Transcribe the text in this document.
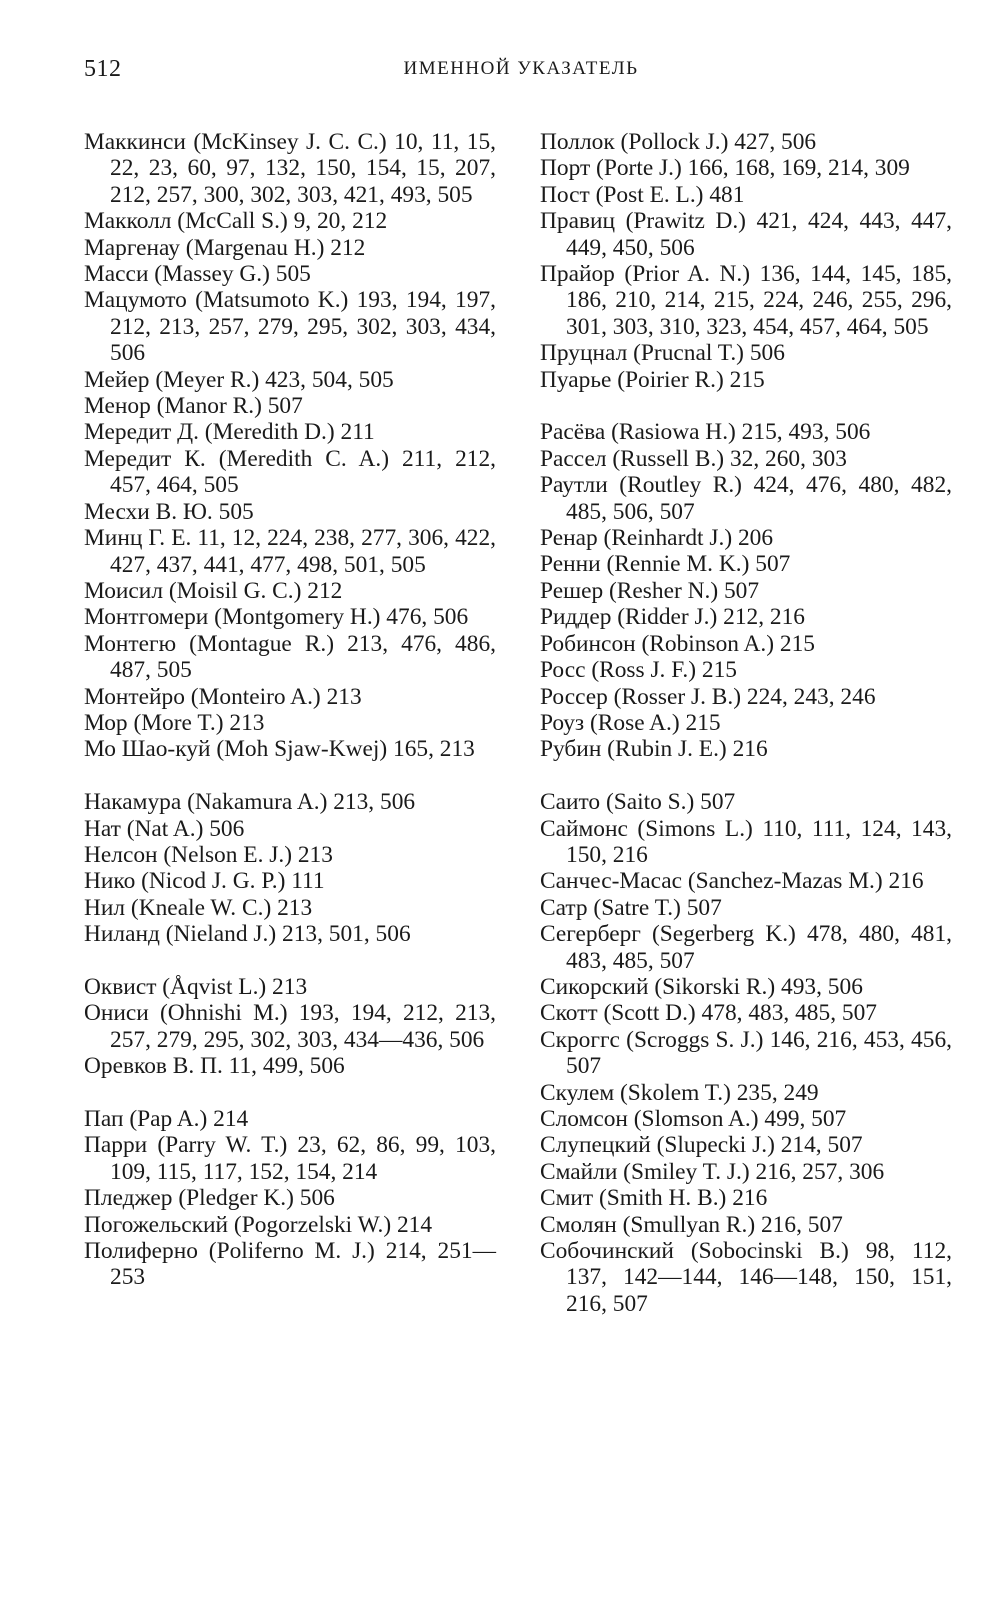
512	ИМЕННОЙ УКАЗАТЕЛЬ
Маккинси (McKinsey J. C. C.) 10, 11, 15, 22, 23, 60, 97, 132, 150, 154, 15, 207, 212, 257, 300, 302, 303, 421, 493, 505
Макколл (McCall S.) 9, 20, 212
Маргенау (Margenau H.) 212
Масси (Massey G.) 505
Мацумото (Matsumoto K.) 193, 194, 197, 212, 213, 257, 279, 295, 302, 303, 434, 506
Мейер (Meyer R.) 423, 504, 505
Менор (Manor R.) 507
Мередит Д. (Meredith D.) 211
Мередит К. (Meredith C. A.) 211, 212, 457, 464, 505
Месхи В. Ю. 505
Минц Г. Е. 11, 12, 224, 238, 277, 306, 422, 427, 437, 441, 477, 498, 501, 505
Моисил (Moisil G. C.) 212
Монтгомери (Montgomery H.) 476, 506
Монтегю (Montague R.) 213, 476, 486, 487, 505
Монтейро (Monteiro A.) 213
Мор (More T.) 213
Мо Шао-куй (Moh Sjaw-Kwej) 165, 213
Накамура (Nakamura A.) 213, 506
Нат (Nat A.) 506
Нелсон (Nelson E. J.) 213
Нико (Nicod J. G. P.) 111
Нил (Kneale W. C.) 213
Ниланд (Nieland J.) 213, 501, 506
Оквист (Åqvist L.) 213
Ониси (Ohnishi M.) 193, 194, 212, 213, 257, 279, 295, 302, 303, 434—436, 506
Оревков В. П. 11, 499, 506
Пап (Pap A.) 214
Парри (Parry W. T.) 23, 62, 86, 99, 103, 109, 115, 117, 152, 154, 214
Пледжер (Pledger K.) 506
Погожельский (Pogorzelski W.) 214
Полиферно (Poliferno M. J.) 214, 251—253
Поллок (Pollock J.) 427, 506
Порт (Porte J.) 166, 168, 169, 214, 309
Пост (Post E. L.) 481
Правиц (Prawitz D.) 421, 424, 443, 447, 449, 450, 506
Прайор (Prior A. N.) 136, 144, 145, 185, 186, 210, 214, 215, 224, 246, 255, 296, 301, 303, 310, 323, 454, 457, 464, 505
Пруцнал (Prucnal T.) 506
Пуарье (Poirier R.) 215
Расёва (Rasiowa H.) 215, 493, 506
Рассел (Russell B.) 32, 260, 303
Раутли (Routley R.) 424, 476, 480, 482, 485, 506, 507
Ренар (Reinhardt J.) 206
Ренни (Rennie M. K.) 507
Решер (Resher N.) 507
Риддер (Ridder J.) 212, 216
Робинсон (Robinson A.) 215
Росс (Ross J. F.) 215
Россер (Rosser J. B.) 224, 243, 246
Роуз (Rose A.) 215
Рубин (Rubin J. E.) 216
Саито (Saito S.) 507
Саймонс (Simons L.) 110, 111, 124, 143, 150, 216
Санчес-Масас (Sanchez-Mazas M.) 216
Сатр (Satre T.) 507
Сегерберг (Segerberg K.) 478, 480, 481, 483, 485, 507
Сикорский (Sikorski R.) 493, 506
Скотт (Scott D.) 478, 483, 485, 507
Скроггс (Scroggs S. J.) 146, 216, 453, 456, 507
Скулем (Skolem T.) 235, 249
Сломсон (Slomson A.) 499, 507
Слупецкий (Slupecki J.) 214, 507
Смайли (Smiley T. J.) 216, 257, 306
Смит (Smith H. B.) 216
Смолян (Smullyan R.) 216, 507
Собочинский (Sobocinski B.) 98, 112, 137, 142—144, 146—148, 150, 151, 216, 507
